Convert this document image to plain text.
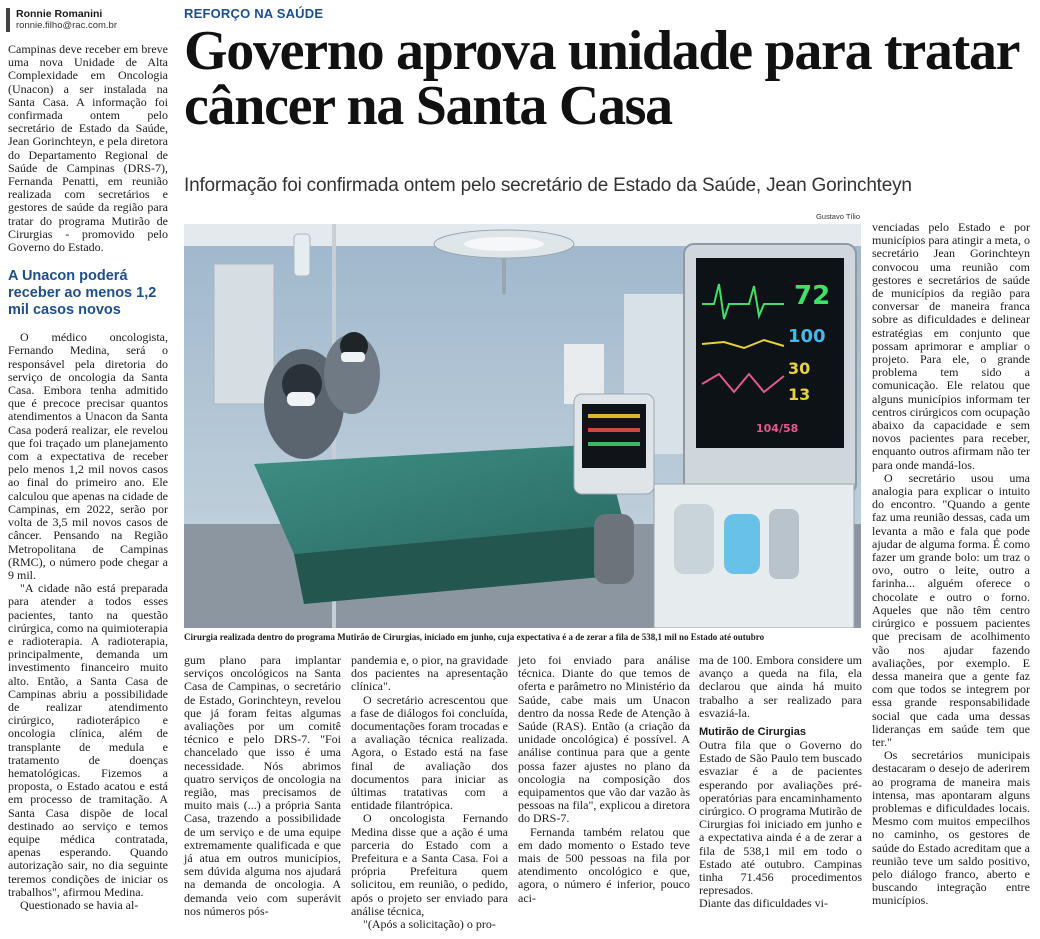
Ronnie Romanini
ronnie.filho@rac.com.br
REFORÇO NA SAÚDE
Governo aprova unidade para tratar câncer na Santa Casa
Informação foi confirmada ontem pelo secretário de Estado da Saúde, Jean Gorinchteyn

Campinas deve receber em breve uma nova Unidade de Alta Complexidade em Oncologia (Unacon) a ser instalada na Santa Casa. A informação foi confirmada ontem pelo secretário de Estado da Saúde, Jean Gorinchteyn, e pela diretora do Departamento Regional de Saúde de Campinas (DRS-7), Fernanda Penatti, em reunião realizada com secretários e gestores de saúde da região para tratar do programa Mutirão de Cirurgias - promovido pelo Governo do Estado.

A Unacon poderá receber ao menos 1,2 mil casos novos

O médico oncologista, Fernando Medina, será o responsável pela diretoria do serviço de oncologia da Santa Casa. Embora tenha admitido que é precoce precisar quantos atendimentos a Unacon da Santa Casa poderá realizar, ele revelou que foi traçado um planejamento com a expectativa de receber pelo menos 1,2 mil novos casos ao final do primeiro ano. Ele calculou que apenas na cidade de Campinas, em 2022, serão por volta de 3,5 mil novos casos de câncer. Pensando na Região Metropolitana de Campinas (RMC), o número pode chegar a 9 mil.

"A cidade não está preparada para atender a todos esses pacientes, tanto na questão cirúrgica, como na quimioterapia e radioterapia. A radioterapia, principalmente, demanda um investimento financeiro muito alto. Então, a Santa Casa de Campinas abriu a possibilidade de realizar atendimento cirúrgico, radioterápico e oncologia clínica, além de transplante de medula e tratamento de doenças hematológicas. Fizemos a proposta, o Estado acatou e está em processo de tramitação. A Santa Casa dispõe de local destinado ao serviço e temos equipe médica contratada, apenas esperando. Quando autorização sair, no dia seguinte teremos condições de iniciar os trabalhos", afirmou Medina.

Questionado se havia al-

Gustavo Tílio
72
100
30
13
104/58
Cirurgia realizada dentro do programa Mutirão de Cirurgias, iniciado em junho, cuja expectativa é a de zerar a fila de 538,1 mil no Estado até outubro

gum plano para implantar serviços oncológicos na Santa Casa de Campinas, o secretário de Estado, Gorinchteyn, revelou que já foram feitas algumas avaliações por um comitê técnico e pelo DRS-7. "Foi chancelado que isso é uma necessidade. Nós abrimos quatro serviços de oncologia na região, mas precisamos de muito mais (...) a própria Santa Casa, trazendo a possibilidade de um serviço e de uma equipe extremamente qualificada e que já atua em outros municípios, sem dúvida alguma nos ajudará na demanda de oncologia. A demanda veio com superávit nos números pós-

pandemia e, o pior, na gravidade dos pacientes na apresentação clínica".

O secretário acrescentou que a fase de diálogos foi concluída, documentações foram trocadas e a avaliação técnica realizada. Agora, o Estado está na fase final de avaliação dos documentos para iniciar as últimas tratativas com a entidade filantrópica.

O oncologista Fernando Medina disse que a ação é uma parceria do Estado com a Prefeitura e a Santa Casa. Foi a própria Prefeitura quem solicitou, em reunião, o pedido, após o projeto ser enviado para análise técnica,

"(Após a solicitação) o pro-

jeto foi enviado para análise técnica. Diante do que temos de oferta e parâmetro no Ministério da Saúde, cabe mais um Unacon dentro da nossa Rede de Atenção à Saúde (RAS). Então (a criação da unidade oncológica) é possível. A análise continua para que a gente possa fazer ajustes no plano da oncologia na composição dos equipamentos que vão dar vazão às pessoas na fila", explicou a diretora do DRS-7.

Fernanda também relatou que em dado momento o Estado teve mais de 500 pessoas na fila por atendimento oncológico e que, agora, o número é inferior, pouco aci-

ma de 100. Embora considere um avanço a queda na fila, ela declarou que ainda há muito trabalho a ser realizado para esvaziá-la.

Mutirão de Cirurgias

Outra fila que o Governo do Estado de São Paulo tem buscado esvaziar é a de pacientes esperando por avaliações pré-operatórias para encaminhamento cirúrgico. O programa Mutirão de Cirurgias foi iniciado em junho e a expectativa ainda é a de zerar a fila de 538,1 mil em todo o Estado até outubro. Campinas tinha 71.456 procedimentos represados.

Diante das dificuldades vi-

venciadas pelo Estado e por municípios para atingir a meta, o secretário Jean Gorinchteyn convocou uma reunião com gestores e secretários de saúde de municípios da região para conversar de maneira franca sobre as dificuldades e delinear estratégias em conjunto que possam aprimorar e ampliar o projeto. Para ele, o grande problema tem sido a comunicação. Ele relatou que alguns municípios informam ter centros cirúrgicos com ocupação abaixo da capacidade e sem novos pacientes para receber, enquanto outros afirmam não ter para onde mandá-los.

O secretário usou uma analogia para explicar o intuito do encontro. "Quando a gente faz uma reunião dessas, cada um levanta a mão e fala que pode ajudar de alguma forma. É como fazer um grande bolo: um traz o ovo, outro o leite, outro a farinha... alguém oferece o chocolate e outro o forno. Aqueles que não têm centro cirúrgico e possuem pacientes que precisam de acolhimento vão nos ajudar fazendo avaliações, por exemplo. E dessa maneira que a gente faz com que todos se integrem por essa grande responsabilidade social que cada uma dessas lideranças em saúde tem que ter."

Os secretários municipais destacaram o desejo de aderirem ao programa de maneira mais intensa, mas apontaram alguns problemas e dificuldades locais. Mesmo com muitos empecilhos no caminho, os gestores de saúde do Estado acreditam que a reunião teve um saldo positivo, pelo diálogo franco, aberto e buscando integração entre municípios.
